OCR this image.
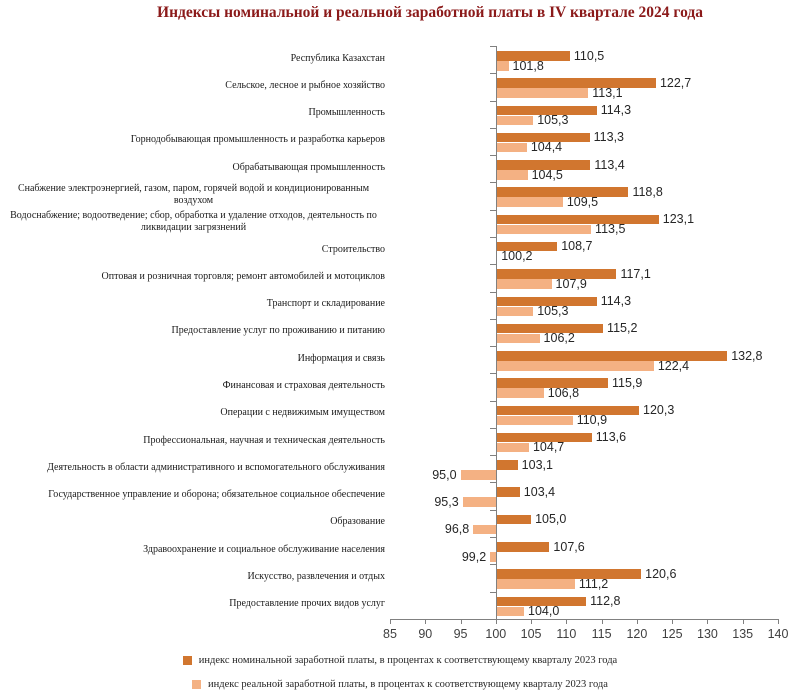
Индексы номинальной и реальной заработной платы в IV квартале 2024 года
Республика Казахстан	110,5
101,8
Сельское, лесное и рыбное хозяйство	122,7
113,1
Промышленность	114,3
105,3
Горнодобывающая промышленность и разработка карьеров	113,3
104,4
Обрабатывающая промышленность	113,4
104,5
Снабжение электроэнергией, газом, паром, горячей водой и кондиционированным воздухом
118,8
109,5
Водоснабжение; водоотведение; сбор, обработка и удаление отходов, деятельность по ликвидации загрязнений
123,1
113,5
Строительство	108,7
100,2
Оптовая и розничная торговля; ремонт автомобилей и мотоциклов	117,1
107,9
Транспорт и складирование	114,3
105,3
Предоставление услуг по проживанию и питанию	115,2
106,2
Информация и связь	132,8
122,4
Финансовая и страховая деятельность	115,9
106,8
Операции с недвижимым имуществом	120,3
110,9
Профессиональная, научная и техническая деятельность	113,6
104,7
Деятельность в области административного и вспомогательного обслуживания	103,1
95,0
Государственное управление и оборона; обязательное социальное обеспечение	103,4
95,3
Образование	105,0
96,8
Здравоохранение и социальное обслуживание населения	107,6
99,2
Искусство, развлечения и отдых	120,6
111,2
Предоставление прочих видов услуг	112,8
104,0
85	90	95	100	105	110	115	120	125	130	135	140
индекс номинальной заработной платы, в процентах к соответствующему кварталу 2023 года
индекс реальной заработной платы, в процентах к соответствующему кварталу 2023 года
